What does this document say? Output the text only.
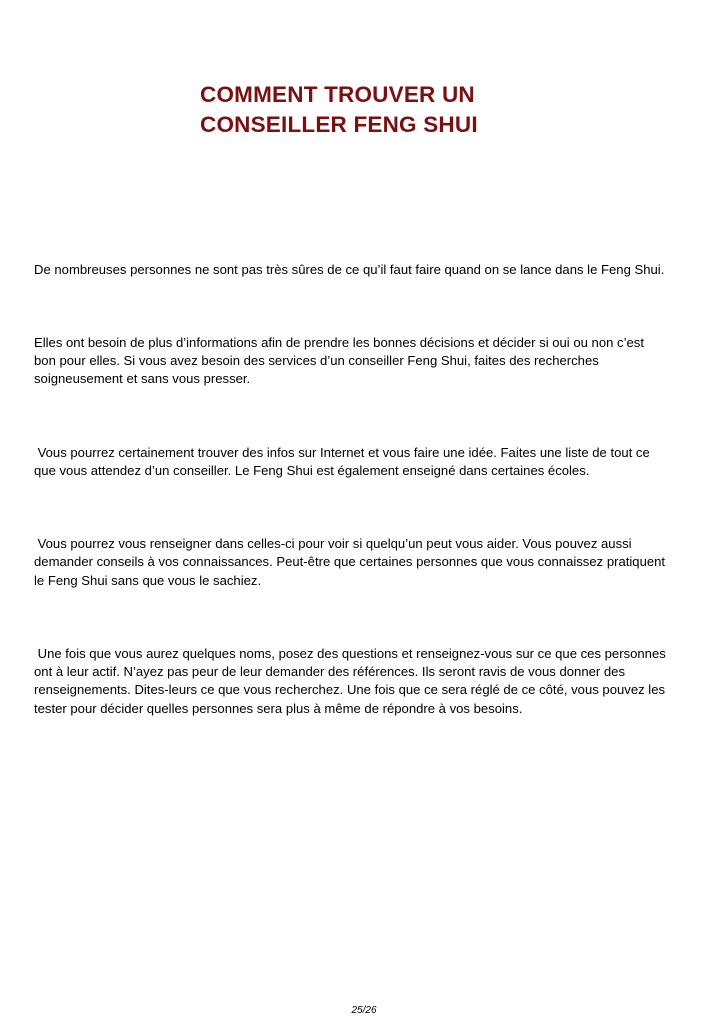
COMMENT TROUVER UN
CONSEILLER FENG SHUI

De nombreuses personnes ne sont pas très sûres de ce qu’il faut faire quand on se lance dans le Feng Shui.

Elles ont besoin de plus d’informations afin de prendre les bonnes décisions et décider si oui ou non c’est
bon pour elles. Si vous avez besoin des services d’un conseiller Feng Shui, faites des recherches
soigneusement et sans vous presser.

Vous pourrez certainement trouver des infos sur Internet et vous faire une idée. Faites une liste de tout ce
que vous attendez d’un conseiller. Le Feng Shui est également enseigné dans certaines écoles.

Vous pourrez vous renseigner dans celles-ci pour voir si quelqu’un peut vous aider. Vous pouvez aussi
demander conseils à vos connaissances. Peut-être que certaines personnes que vous connaissez pratiquent
le Feng Shui sans que vous le sachiez.

Une fois que vous aurez quelques noms, posez des questions et renseignez-vous sur ce que ces personnes
ont à leur actif. N’ayez pas peur de leur demander des références. Ils seront ravis de vous donner des
renseignements. Dites-leurs ce que vous recherchez. Une fois que ce sera réglé de ce côté, vous pouvez les
tester pour décider quelles personnes sera plus à même de répondre à vos besoins.

25/26
